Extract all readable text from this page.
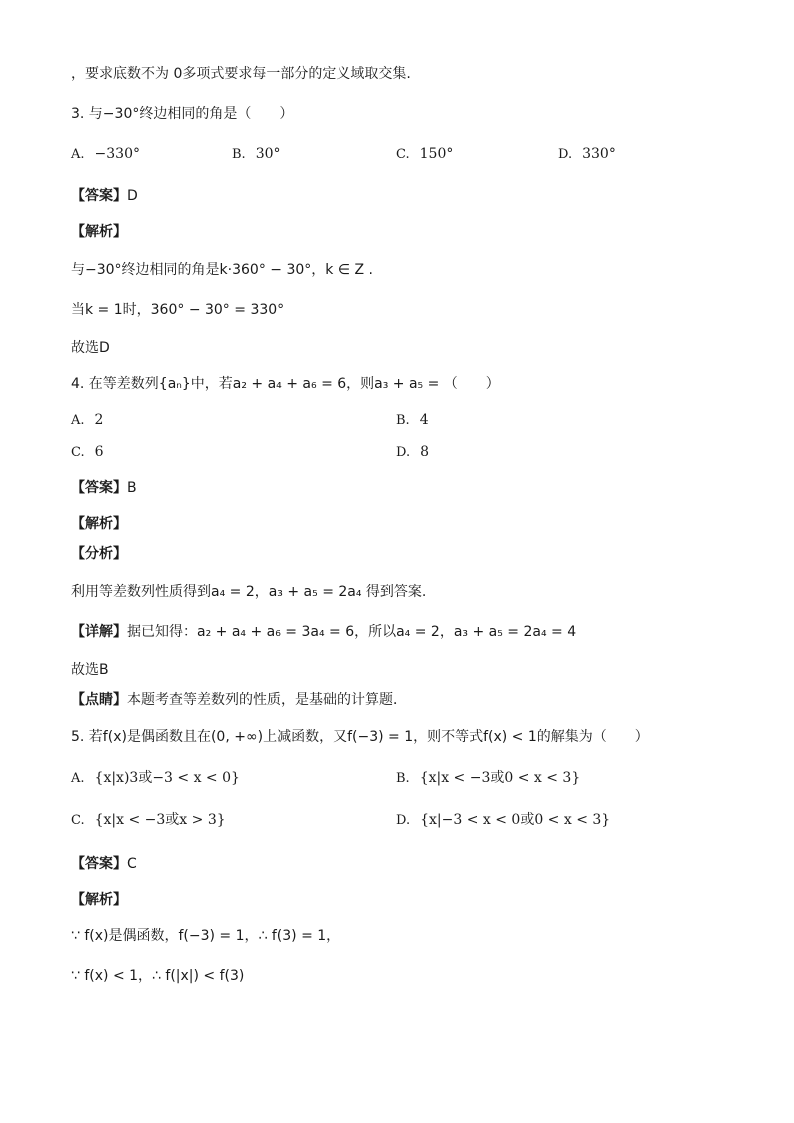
，要求底数不为 0多项式要求每一部分的定义域取交集.
3. 与−30°终边相同的角是（　　）
A. −330°	B. 30°	C. 150°	D. 330°
【答案】D
【解析】
与−30°终边相同的角是k·360° − 30°，k ∈ Z .
当k = 1时，360° − 30° = 330°
故选D
4. 在等差数列{aₙ}中，若a₂ + a₄ + a₆ = 6，则a₃ + a₅ = （　　）
A. 2	B. 4
C. 6	D. 8
【答案】B
【解析】
【分析】
利用等差数列性质得到a₄ = 2，a₃ + a₅ = 2a₄ 得到答案.
【详解】据已知得：a₂ + a₄ + a₆ = 3a₄ = 6，所以a₄ = 2，a₃ + a₅ = 2a₄ = 4
故选B
【点睛】本题考查等差数列的性质，是基础的计算题．
5. 若f(x)是偶函数且在(0, +∞)上减函数，又f(−3) = 1，则不等式f(x) < 1的解集为（　　）
A. {x|x)3或−3 < x < 0}	B. {x|x < −3或0 < x < 3}
C. {x|x < −3或x > 3}	D. {x|−3 < x < 0或0 < x < 3}
【答案】C
【解析】
∵ f(x)是偶函数，f(−3) = 1，∴ f(3) = 1，
∵ f(x) < 1，∴ f(|x|) < f(3)
